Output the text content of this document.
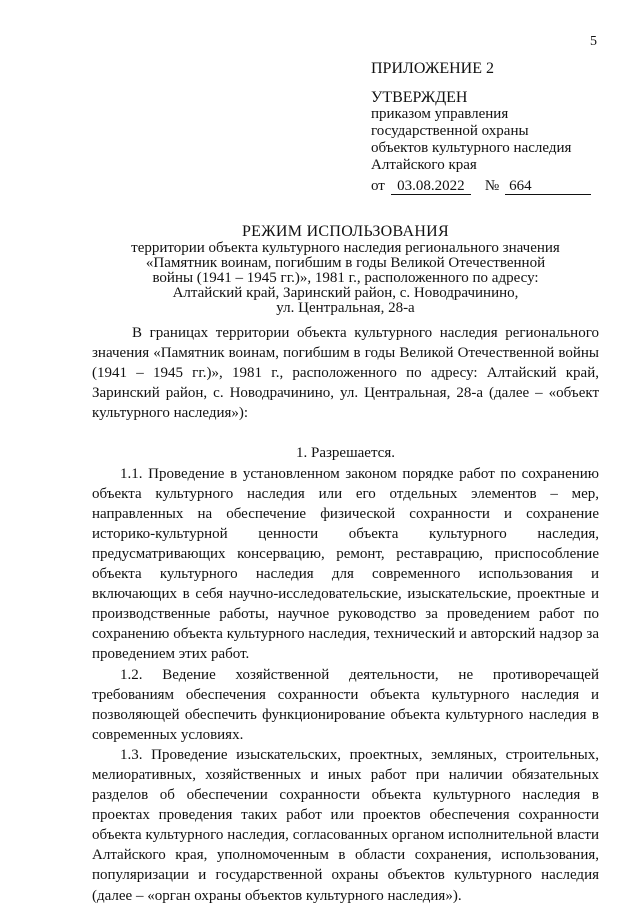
5
ПРИЛОЖЕНИЕ 2
УТВЕРЖДЕН
приказом управления
государственной охраны
объектов культурного наследия
Алтайского края
от 03.08.2022 № 664
РЕЖИМ ИСПОЛЬЗОВАНИЯ
территории объекта культурного наследия регионального значения
«Памятник воинам, погибшим в годы Великой Отечественной
войны (1941 – 1945 гг.)», 1981 г., расположенного по адресу:
Алтайский край, Заринский район, с. Новодрачинино,
ул. Центральная, 28-а

В границах территории объекта культурного наследия регионального значения «Памятник воинам, погибшим в годы Великой Отечественной войны (1941 – 1945 гг.)», 1981 г., расположенного по адресу: Алтайский край, Заринский район, с. Новодрачинино, ул. Центральная, 28-а (далее – «объект культурного наследия»):

1. Разрешается.

1.1. Проведение в установленном законом порядке работ по сохранению объекта культурного наследия или его отдельных элементов – мер, направленных на обеспечение физической сохранности и сохранение историко-культурной ценности объекта культурного наследия, предусматривающих консервацию, ремонт, реставрацию, приспособление объекта культурного наследия для современного использования и включающих в себя научно-исследовательские, изыскательские, проектные и производственные работы, научное руководство за проведением работ по сохранению объекта культурного наследия, технический и авторский надзор за проведением этих работ.

1.2. Ведение хозяйственной деятельности, не противоречащей требованиям обеспечения сохранности объекта культурного наследия и позволяющей обеспечить функционирование объекта культурного наследия в современных условиях.

1.3. Проведение изыскательских, проектных, земляных, строительных, мелиоративных, хозяйственных и иных работ при наличии обязательных разделов об обеспечении сохранности объекта культурного наследия в проектах проведения таких работ или проектов обеспечения сохранности объекта культурного наследия, согласованных органом исполнительной власти Алтайского края, уполномоченным в области сохранения, использования, популяризации и государственной охраны объектов культурного наследия (далее – «орган охраны объектов культурного наследия»).
